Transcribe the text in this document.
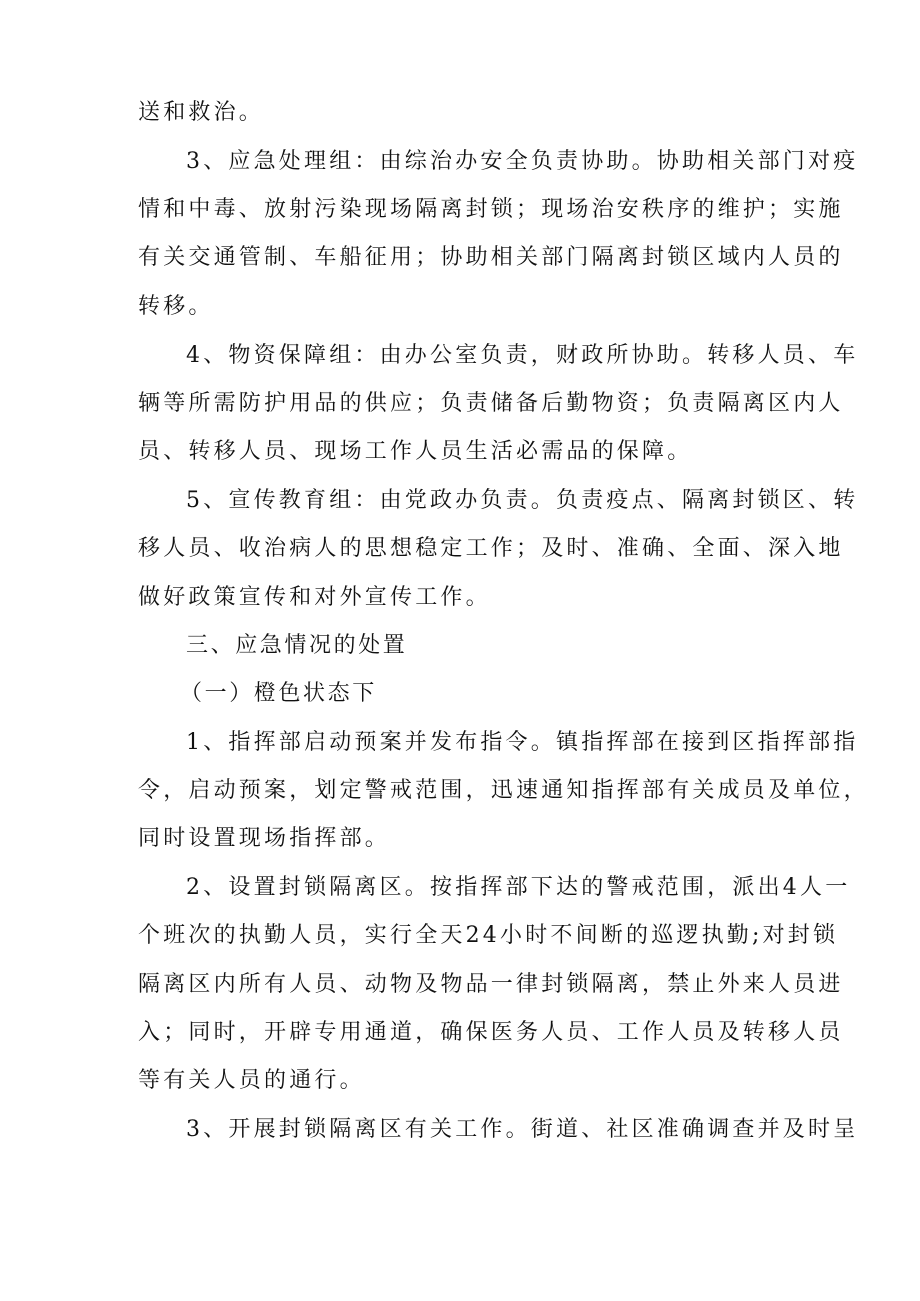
送和救治。
3、应急处理组：由综治办安全负责协助。协助相关部门对疫
情和中毒、放射污染现场隔离封锁；现场治安秩序的维护；实施
有关交通管制、车船征用；协助相关部门隔离封锁区域内人员的
转移。
4、物资保障组：由办公室负责，财政所协助。转移人员、车
辆等所需防护用品的供应；负责储备后勤物资；负责隔离区内人
员、转移人员、现场工作人员生活必需品的保障。
5、宣传教育组：由党政办负责。负责疫点、隔离封锁区、转
移人员、收治病人的思想稳定工作；及时、准确、全面、深入地
做好政策宣传和对外宣传工作。
三、应急情况的处置
（一）橙色状态下
1、指挥部启动预案并发布指令。镇指挥部在接到区指挥部指
令，启动预案，划定警戒范围，迅速通知指挥部有关成员及单位，
同时设置现场指挥部。
2、设置封锁隔离区。按指挥部下达的警戒范围，派出4人一
个班次的执勤人员，实行全天24小时不间断的巡逻执勤;对封锁
隔离区内所有人员、动物及物品一律封锁隔离，禁止外来人员进
入；同时，开辟专用通道，确保医务人员、工作人员及转移人员
等有关人员的通行。
3、开展封锁隔离区有关工作。街道、社区准确调查并及时呈
